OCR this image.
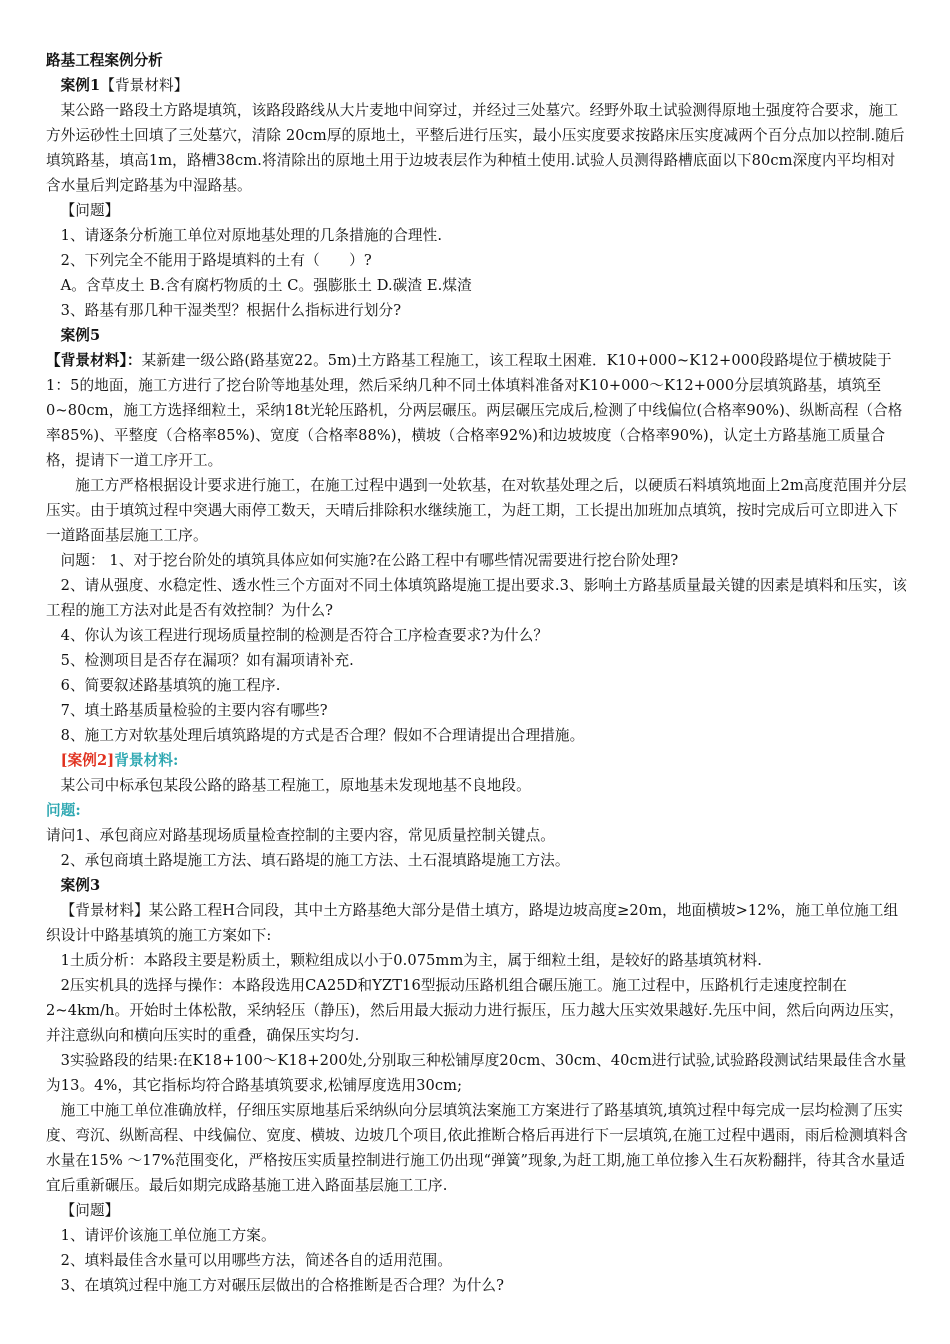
路基工程案例分析

案例1【背景材料】

某公路一路段土方路堤填筑，该路段路线从大片麦地中间穿过，并经过三处墓穴。经野外取土试验测得原地土强度符合要求，施工方外运砂性土回填了三处墓穴，清除 20cm厚的原地土，平整后进行压实，最小压实度要求按路床压实度减两个百分点加以控制.随后填筑路基，填高1m，路槽38cm.将清除出的原地土用于边坡表层作为种植土使用.试验人员测得路槽底面以下80cm深度内平均相对含水量后判定路基为中湿路基。

【问题】

1、请逐条分析施工单位对原地基处理的几条措施的合理性.

2、下列完全不能用于路堤填料的土有（　　）?

A。含草皮土 B.含有腐朽物质的土 C。强膨胀土 D.碳渣 E.煤渣

3、路基有那几种干湿类型？根据什么指标进行划分?

案例5

【背景材料】：某新建一级公路(路基宽22。5m)土方路基工程施工，该工程取土困难．K10+000~K12+000段路堤位于横坡陡于1：5的地面，施工方进行了挖台阶等地基处理，然后采纳几种不同土体填料准备对K10+000～K12+000分层填筑路基，填筑至0~80cm，施工方选择细粒土，采纳18t光轮压路机，分两层碾压。两层碾压完成后,检测了中线偏位(合格率90%)、纵断高程（合格率85%)、平整度（合格率85%)、宽度（合格率88%)，横坡（合格率92%)和边坡坡度（合格率90%)，认定土方路基施工质量合格，提请下一道工序开工。

施工方严格根据设计要求进行施工，在施工过程中遇到一处软基，在对软基处理之后，以硬质石料填筑地面上2m高度范围并分层压实。由于填筑过程中突遇大雨停工数天，天晴后排除积水继续施工，为赶工期，工长提出加班加点填筑，按时完成后可立即进入下一道路面基层施工工序。

问题： 1、对于挖台阶处的填筑具体应如何实施?在公路工程中有哪些情况需要进行挖台阶处理?

2、请从强度、水稳定性、透水性三个方面对不同土体填筑路堤施工提出要求.3、影响土方路基质量最关键的因素是填料和压实，该工程的施工方法对此是否有效控制？为什么?

4、你认为该工程进行现场质量控制的检测是否符合工序检查要求?为什么？

5、检测项目是否存在漏项？如有漏项请补充.

6、简要叙述路基填筑的施工程序.

7、填土路基质量检验的主要内容有哪些?

8、施工方对软基处理后填筑路堤的方式是否合理？假如不合理请提出合理措施。

[案例2]背景材料:

某公司中标承包某段公路的路基工程施工，原地基未发现地基不良地段。

问题:

请问1、承包商应对路基现场质量检查控制的主要内容，常见质量控制关键点。

2、承包商填土路堤施工方法、填石路堤的施工方法、土石混填路堤施工方法。

案例3

【背景材料】某公路工程H合同段，其中土方路基绝大部分是借土填方，路堤边坡高度≥20m，地面横坡>12%，施工单位施工组织设计中路基填筑的施工方案如下:

1土质分析：本路段主要是粉质土，颗粒组成以小于0.075mm为主，属于细粒土组，是较好的路基填筑材料.

2压实机具的选择与操作：本路段选用CA25D和YZT16型振动压路机组合碾压施工。施工过程中，压路机行走速度控制在2~4km/h。开始时土体松散，采纳轻压（静压)，然后用最大振动力进行振压，压力越大压实效果越好.先压中间，然后向两边压实，并注意纵向和横向压实时的重叠，确保压实均匀.

3实验路段的结果:在K18+100～K18+200处,分别取三种松铺厚度20cm、30cm、40cm进行试验,试验路段测试结果最佳含水量为13。4%，其它指标均符合路基填筑要求,松铺厚度选用30cm;

施工中施工单位准确放样，仔细压实原地基后采纳纵向分层填筑法案施工方案进行了路基填筑,填筑过程中每完成一层均检测了压实度、弯沉、纵断高程、中线偏位、宽度、横坡、边坡几个项目,依此推断合格后再进行下一层填筑,在施工过程中遇雨，雨后检测填料含水量在15% ～17%范围变化，严格按压实质量控制进行施工仍出现“弹簧”现象,为赶工期,施工单位掺入生石灰粉翻拌，待其含水量适宜后重新碾压。最后如期完成路基施工进入路面基层施工工序.

【问题】

1、请评价该施工单位施工方案。

2、填料最佳含水量可以用哪些方法，简述各自的适用范围。

3、在填筑过程中施工方对碾压层做出的合格推断是否合理？为什么?
